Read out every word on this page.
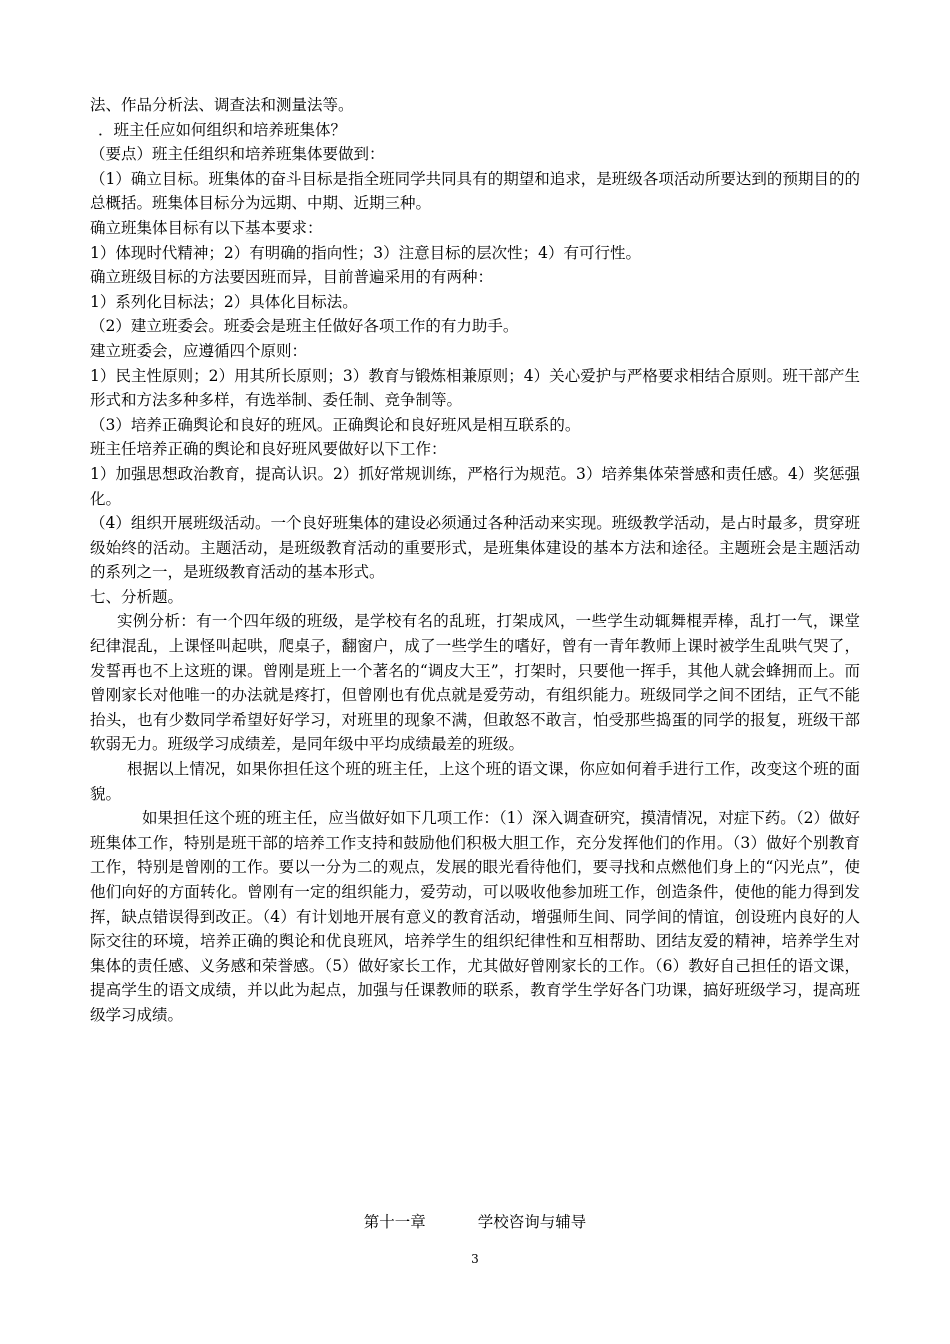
法、作品分析法、调查法和测量法等。

．班主任应如何组织和培养班集体？

（要点）班主任组织和培养班集体要做到：

（1）确立目标。班集体的奋斗目标是指全班同学共同具有的期望和追求，是班级各项活动所要达到的预期目的的总概括。班集体目标分为远期、中期、近期三种。

确立班集体目标有以下基本要求：

1）体现时代精神；2）有明确的指向性；3）注意目标的层次性；4）有可行性。

确立班级目标的方法要因班而异，目前普遍采用的有两种：

1）系列化目标法；2）具体化目标法。

（2）建立班委会。班委会是班主任做好各项工作的有力助手。

建立班委会，应遵循四个原则：

1）民主性原则；2）用其所长原则；3）教育与锻炼相兼原则；4）关心爱护与严格要求相结合原则。班干部产生形式和方法多种多样，有选举制、委任制、竞争制等。

（3）培养正确舆论和良好的班风。正确舆论和良好班风是相互联系的。

班主任培养正确的舆论和良好班风要做好以下工作：

1）加强思想政治教育，提高认识。2）抓好常规训练，严格行为规范。3）培养集体荣誉感和责任感。4）奖惩强化。

（4）组织开展班级活动。一个良好班集体的建设必须通过各种活动来实现。班级教学活动，是占时最多，贯穿班级始终的活动。主题活动，是班级教育活动的重要形式，是班集体建设的基本方法和途径。主题班会是主题活动的系列之一，是班级教育活动的基本形式。

七、分析题。

实例分析：有一个四年级的班级，是学校有名的乱班，打架成风，一些学生动辄舞棍弄棒，乱打一气，课堂纪律混乱，上课怪叫起哄，爬桌子，翻窗户，成了一些学生的嗜好，曾有一青年教师上课时被学生乱哄气哭了，发誓再也不上这班的课。曾刚是班上一个著名的“调皮大王”，打架时，只要他一挥手，其他人就会蜂拥而上。而曾刚家长对他唯一的办法就是疼打，但曾刚也有优点就是爱劳动，有组织能力。班级同学之间不团结，正气不能抬头，也有少数同学希望好好学习，对班里的现象不满，但敢怒不敢言，怕受那些捣蛋的同学的报复，班级干部软弱无力。班级学习成绩差，是同年级中平均成绩最差的班级。

根据以上情况，如果你担任这个班的班主任，上这个班的语文课，你应如何着手进行工作，改变这个班的面貌。

如果担任这个班的班主任，应当做好如下几项工作：（1）深入调查研究，摸清情况，对症下药。（2）做好班集体工作，特别是班干部的培养工作支持和鼓励他们积极大胆工作，充分发挥他们的作用。（3）做好个别教育工作，特别是曾刚的工作。要以一分为二的观点，发展的眼光看待他们，要寻找和点燃他们身上的“闪光点”，使他们向好的方面转化。曾刚有一定的组织能力，爱劳动，可以吸收他参加班工作，创造条件，使他的能力得到发挥，缺点错误得到改正。（4）有计划地开展有意义的教育活动，增强师生间、同学间的情谊，创设班内良好的人际交往的环境，培养正确的舆论和优良班风，培养学生的组织纪律性和互相帮助、团结友爱的精神，培养学生对集体的责任感、义务感和荣誉感。（5）做好家长工作，尤其做好曾刚家长的工作。（6）教好自己担任的语文课，提高学生的语文成绩，并以此为起点，加强与任课教师的联系，教育学生学好各门功课，搞好班级学习，提高班级学习成绩。

第十一章	学校咨询与辅导
3
